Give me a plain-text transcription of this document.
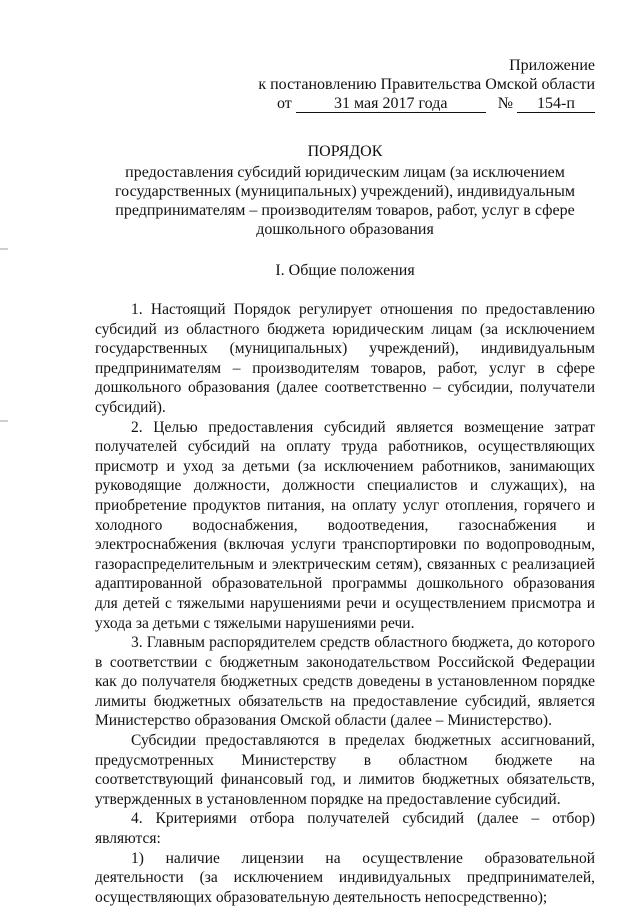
Приложение
к постановлению Правительства Омской области
от	31 мая 2017 года	№ 154-п
ПОРЯДОК
предоставления субсидий юридическим лицам (за исключением
государственных (муниципальных) учреждений), индивидуальным
предпринимателям – производителям товаров, работ, услуг в сфере
дошкольного образования
I. Общие положения

1. Настоящий Порядок регулирует отношения по предоставлению субсидий из областного бюджета юридическим лицам (за исключением государственных (муниципальных) учреждений), индивидуальным предпринимателям – производителям товаров, работ, услуг в сфере дошкольного образования (далее соответственно – субсидии, получатели субсидий).

2. Целью предоставления субсидий является возмещение затрат получателей субсидий на оплату труда работников, осуществляющих присмотр и уход за детьми (за исключением работников, занимающих руководящие должности, должности специалистов и служащих), на приобретение продуктов питания, на оплату услуг отопления, горячего и холодного водоснабжения, водоотведения, газоснабжения и электроснабжения (включая услуги транспортировки по водопроводным, газораспределительным и электрическим сетям), связанных с реализацией адаптированной образовательной программы дошкольного образования для детей с тяжелыми нарушениями речи и осуществлением присмотра и ухода за детьми с тяжелыми нарушениями речи.

3. Главным распорядителем средств областного бюджета, до которого в соответствии с бюджетным законодательством Российской Федерации как до получателя бюджетных средств доведены в установленном порядке лимиты бюджетных обязательств на предоставление субсидий, является Министерство образования Омской области (далее – Министерство).

Субсидии предоставляются в пределах бюджетных ассигнований, предусмотренных Министерству в областном бюджете на соответствующий финансовый год, и лимитов бюджетных обязательств, утвержденных в установленном порядке на предоставление субсидий.

4. Критериями отбора получателей субсидий (далее – отбор) являются:

1) наличие лицензии на осуществление образовательной деятельности (за исключением индивидуальных предпринимателей, осуществляющих образовательную деятельность непосредственно);
